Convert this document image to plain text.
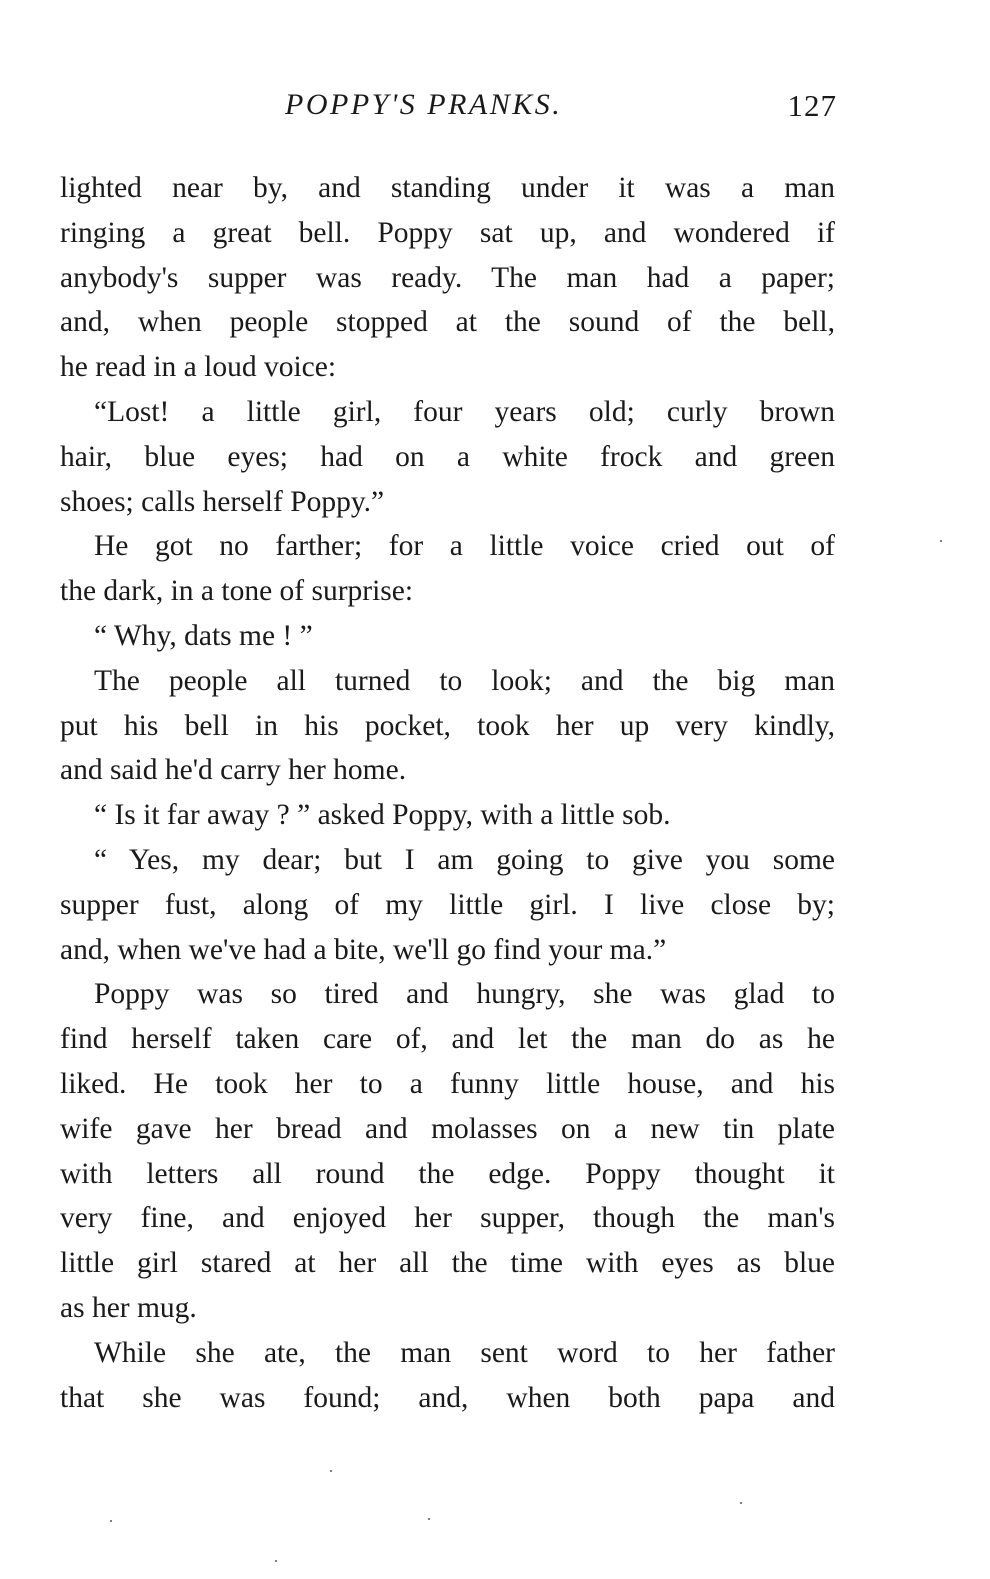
POPPY'S PRANKS.	127
lighted near by, and standing under it was a man
ringing a great bell. Poppy sat up, and wondered if
anybody's supper was ready. The man had a paper;
and, when people stopped at the sound of the bell,
he read in a loud voice:
“Lost! a little girl, four years old; curly brown
hair, blue eyes; had on a white frock and green
shoes; calls herself Poppy.”
He got no farther; for a little voice cried out of
the dark, in a tone of surprise:
“ Why, dats me ! ”
The people all turned to look; and the big man
put his bell in his pocket, took her up very kindly,
and said he'd carry her home.
“ Is it far away ? ” asked Poppy, with a little sob.
“ Yes, my dear; but I am going to give you some
supper fust, along of my little girl. I live close by;
and, when we've had a bite, we'll go find your ma.”
Poppy was so tired and hungry, she was glad to
find herself taken care of, and let the man do as he
liked. He took her to a funny little house, and his
wife gave her bread and molasses on a new tin plate
with letters all round the edge. Poppy thought it
very fine, and enjoyed her supper, though the man's
little girl stared at her all the time with eyes as blue
as her mug.
While she ate, the man sent word to her father
that she was found; and, when both papa and
